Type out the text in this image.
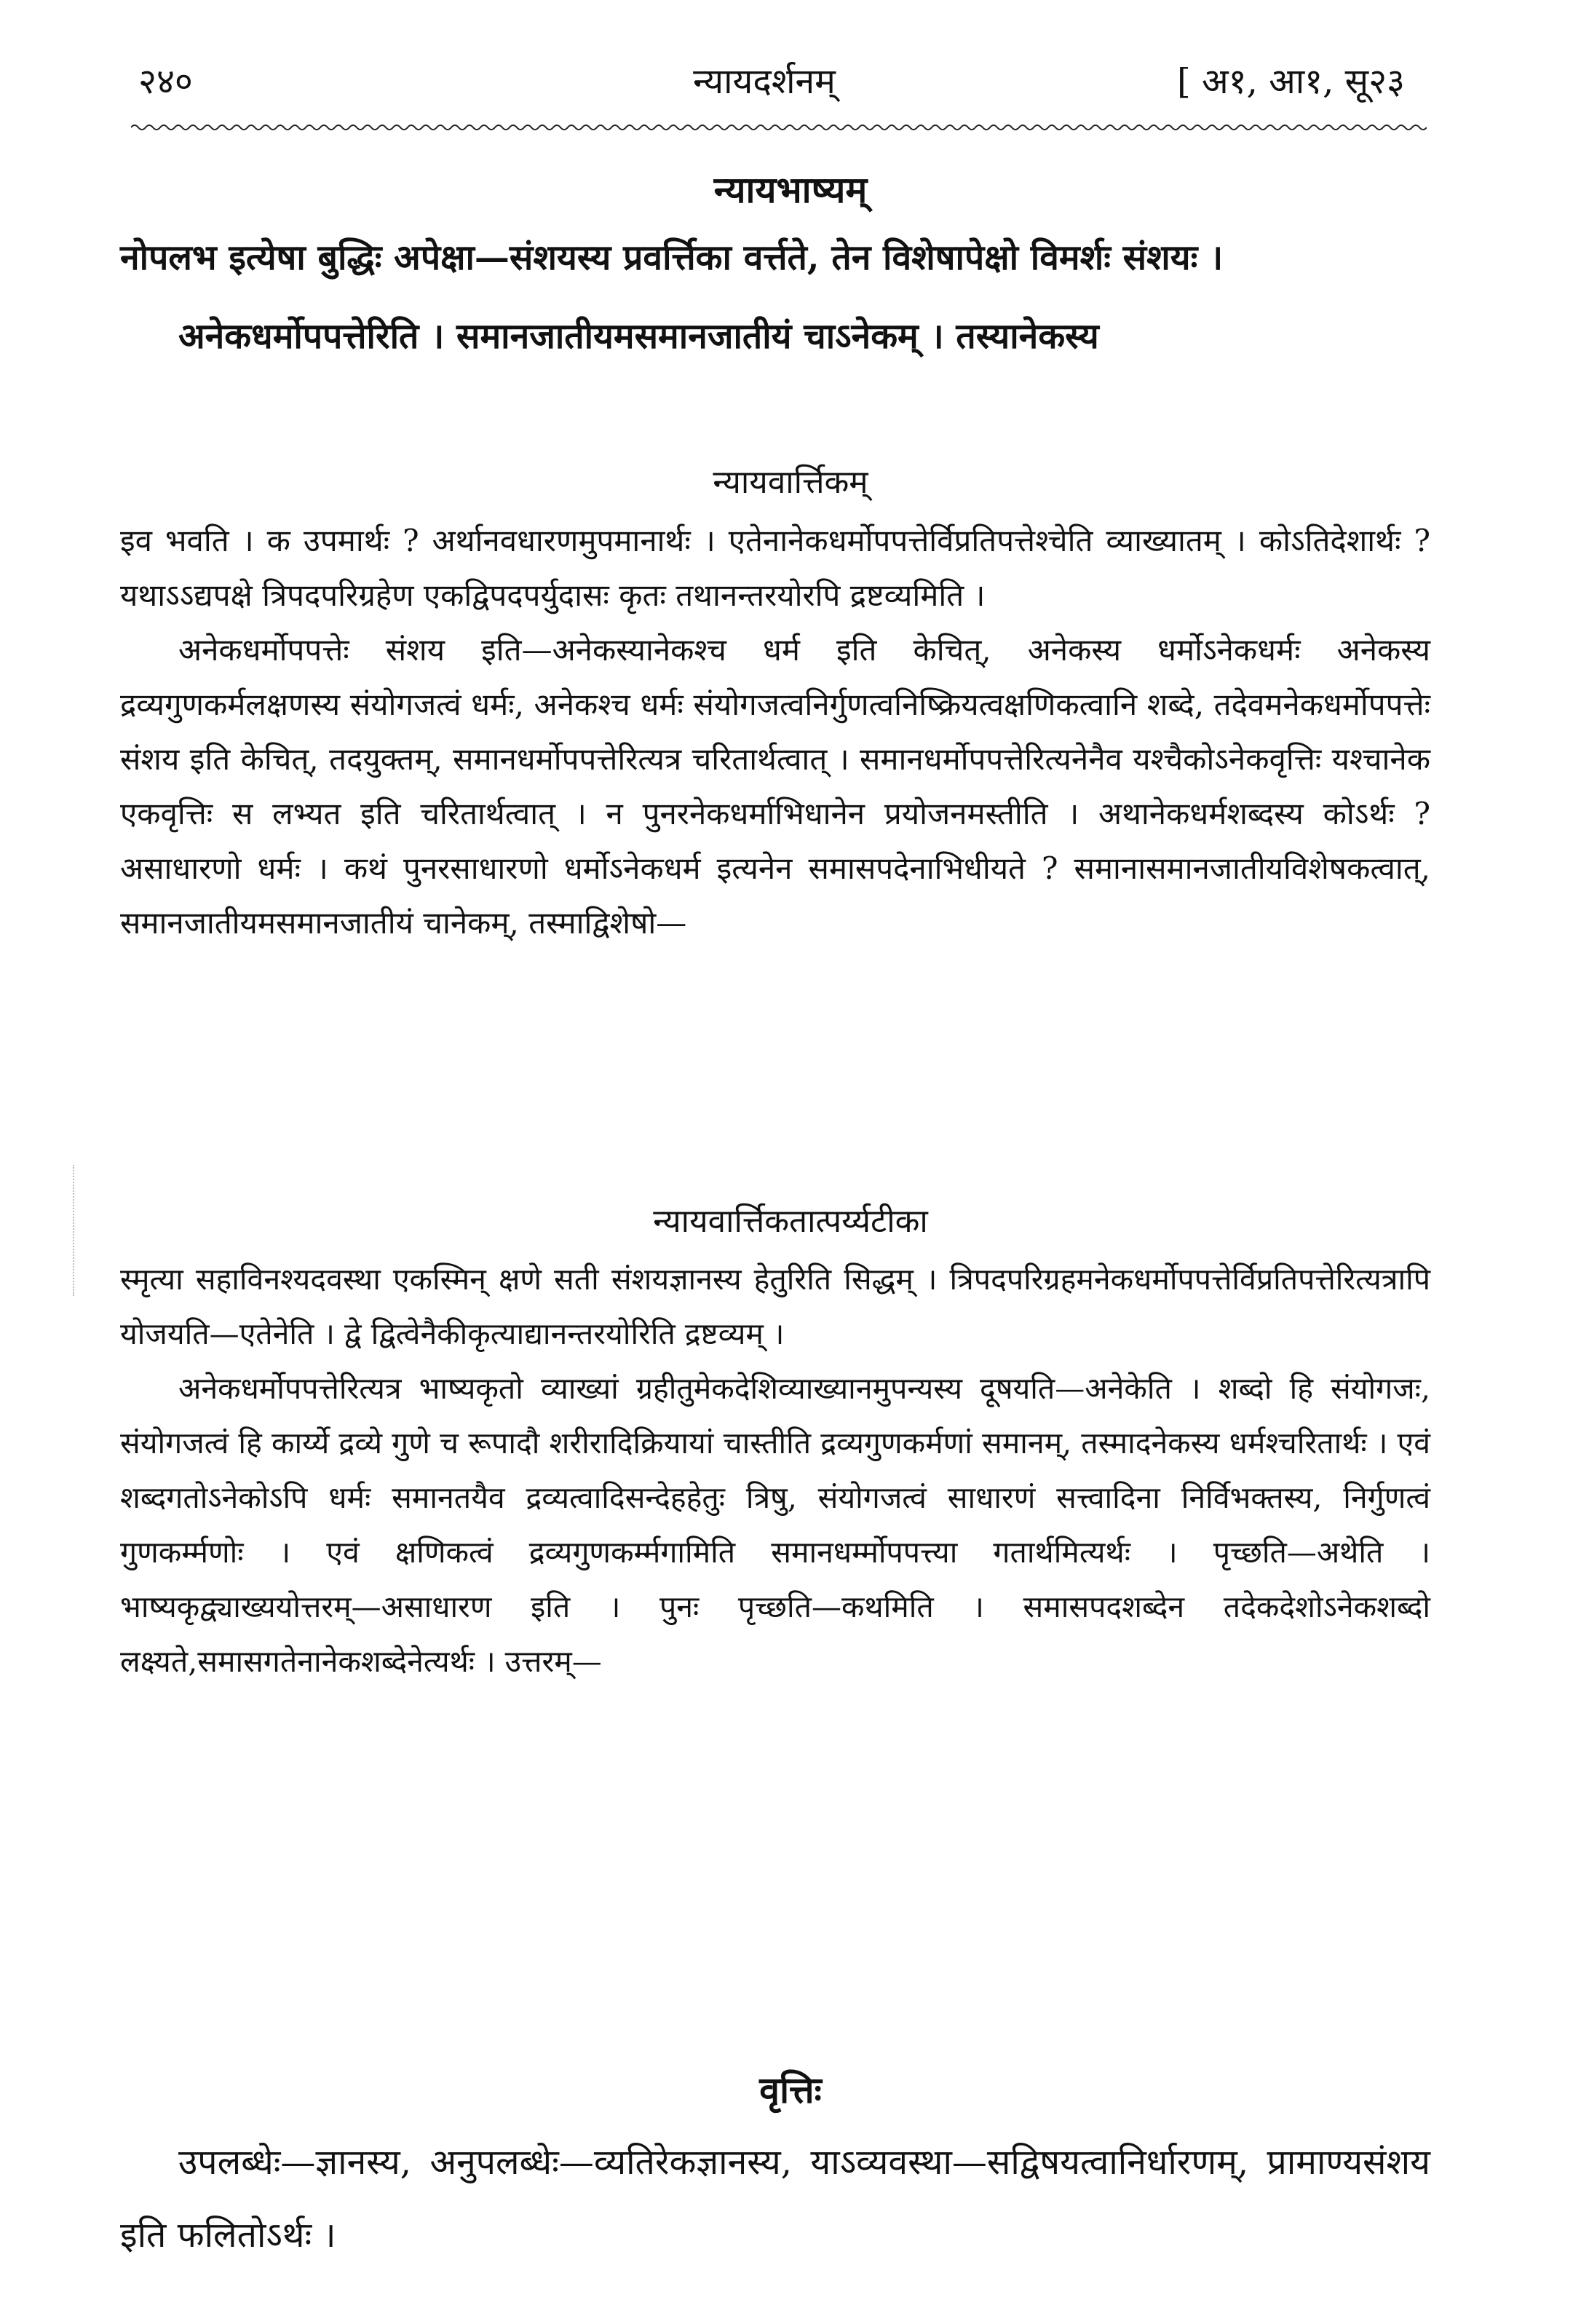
२४०	न्यायदर्शनम्	[ अ१, आ१, सू२३
न्यायभाष्यम्

नोपलभ इत्येषा बुद्धिः अपेक्षा—संशयस्य प्रवर्त्तिका वर्त्तते, तेन विशेषापेक्षो विमर्शः संशयः ।

अनेकधर्मोपपत्तेरिति । समानजातीयमसमानजातीयं चाऽनेकम् । तस्यानेकस्य

न्यायवार्त्तिकम्

इव भवति । क उपमार्थः ? अर्थानवधारणमुपमानार्थः । एतेनानेकधर्मोपपत्तेर्विप्रतिपत्तेश्चेति व्याख्यातम् । कोऽतिदेशार्थः ? यथाऽऽद्यपक्षे त्रिपदपरिग्रहेण एकद्विपदपर्युदासः कृतः तथानन्तरयोरपि द्रष्टव्यमिति ।

अनेकधर्मोपपत्तेः संशय इति—अनेकस्यानेकश्च धर्म इति केचित्, अनेकस्य धर्मोऽनेकधर्मः अनेकस्य द्रव्यगुणकर्मलक्षणस्य संयोगजत्वं धर्मः, अनेकश्च धर्मः संयोगजत्वनिर्गुणत्वनिष्क्रियत्वक्षणिकत्वानि शब्दे, तदेवमनेकधर्मोपपत्तेः संशय इति केचित्, तदयुक्तम्, समानधर्मोपपत्तेरित्यत्र चरितार्थत्वात् । समानधर्मोपपत्तेरित्यनेनैव यश्चैकोऽनेकवृत्तिः यश्चानेक एकवृत्तिः स लभ्यत इति चरितार्थत्वात् । न पुनरनेकधर्माभिधानेन प्रयोजनमस्तीति । अथानेकधर्मशब्दस्य कोऽर्थः ? असाधारणो धर्मः । कथं पुनरसाधारणो धर्मोऽनेकधर्म इत्यनेन समासपदेनाभिधीयते ? समानासमानजातीयविशेषकत्वात्, समानजातीयमसमानजातीयं चानेकम्, तस्माद्विशेषो—

न्यायवार्त्तिकतात्पर्य्यटीका

स्मृत्या सहाविनश्यदवस्था एकस्मिन् क्षणे सती संशयज्ञानस्य हेतुरिति सिद्धम् । त्रिपदपरिग्रहमनेकधर्मोपपत्तेर्विप्रतिपत्तेरित्यत्रापि योजयति—एतेनेति । द्वे द्वित्वेनैकीकृत्याद्यानन्तरयोरिति द्रष्टव्यम् ।

अनेकधर्मोपपत्तेरित्यत्र भाष्यकृतो व्याख्यां ग्रहीतुमेकदेशिव्याख्यानमुपन्यस्य दूषयति—अनेकेति । शब्दो हि संयोगजः, संयोगजत्वं हि कार्य्ये द्रव्ये गुणे च रूपादौ शरीरादिक्रियायां चास्तीति द्रव्यगुणकर्मणां समानम्, तस्मादनेकस्य धर्मश्चरितार्थः । एवं शब्दगतोऽनेकोऽपि धर्मः समानतयैव द्रव्यत्वादिसन्देहहेतुः त्रिषु, संयोगजत्वं साधारणं सत्त्वादिना निर्विभक्तस्य, निर्गुणत्वं गुणकर्म्मणोः । एवं क्षणिकत्वं द्रव्यगुणकर्म्मगामिति समानधर्म्मोपपत्त्या गतार्थमित्यर्थः । पृच्छति—अथेति । भाष्यकृद्व्याख्ययोत्तरम्—असाधारण इति । पुनः पृच्छति—कथमिति । समासपदशब्देन तदेकदेशोऽनेकशब्दो लक्ष्यते,समासगतेनानेकशब्देनेत्यर्थः । उत्तरम्—

वृत्तिः

उपलब्धेः—ज्ञानस्य, अनुपलब्धेः—व्यतिरेकज्ञानस्य, याऽव्यवस्था—सद्विषयत्वानिर्धारणम्, प्रामाण्यसंशय इति फलितोऽर्थः ।
